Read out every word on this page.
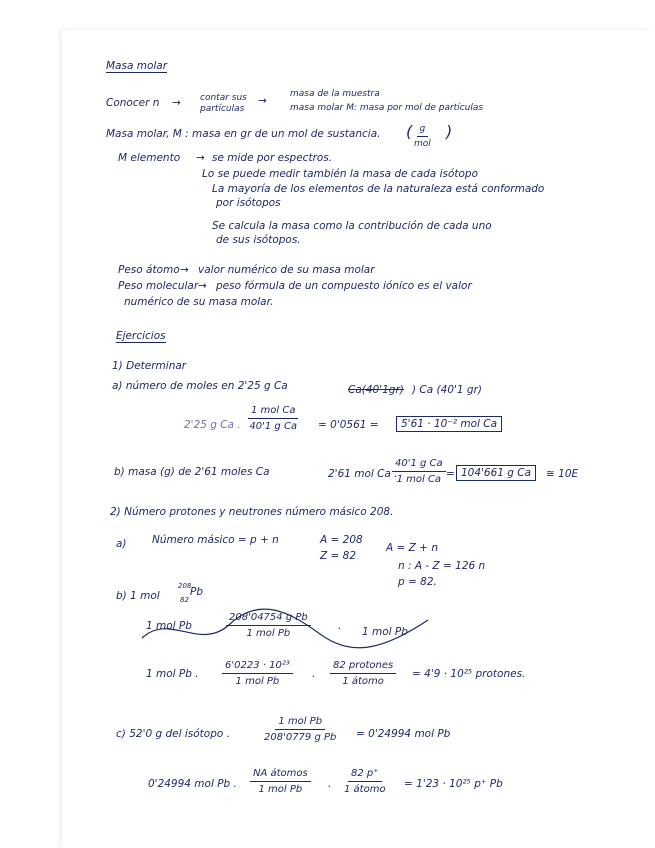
Masa molar
Conocer n → contar sus
partículas
→
masa de la muestra
masa molar M: masa por mol de partículas
Masa molar, M : masa en gr de un mol de sustancia. ( g
mol
)
M elemento → se mide por espectros.
Lo se puede medir también la masa de cada isótopo
La mayoría de los elementos de la naturaleza está conformado
por isótopos
Se calcula la masa como la contribución de cada uno
de sus isótopos.
Peso átomo → valor numérico de su masa molar
Peso molecular → peso fórmula de un compuesto iónico es el valor
numérico de su masa molar.
Ejercicios
1) Determinar
a) número de moles en 2'25 g Ca	Ca(40'1gr) ) Ca (40'1 gr)
2'25 g Ca .
1 mol Ca
40'1 g Ca = 0'0561 =	5'61 · 10⁻² mol Ca
b) masa (g) de 2'61 moles Ca	2'61 mol Ca .
40'1 g Ca
1 mol Ca = 104'661 g Ca	≅ 10E
2) Número protones y neutrones número másico 208.
a) Número másico = p + n	A = 208
Z = 82
A = Z + n
n : A - Z = 126 n
p = 82.
b) 1 mol
208
Pb
82
1 mol Pb
208'04754 g Pb
1 mol Pb
. 1 mol Pb
1 mol Pb .
6'0223 · 10²³
1 mol Pb
.
82 protones
1 átomo
= 4'9 · 10²⁵ protones.
c) 52'0 g del isótopo .
1 mol Pb
208'0779 g Pb = 0'24994 mol Pb
0'24994 mol Pb .
NA átomos
1 mol Pb .
82 p⁺
1 átomo = 1'23 · 10²⁵ p⁺ Pb
